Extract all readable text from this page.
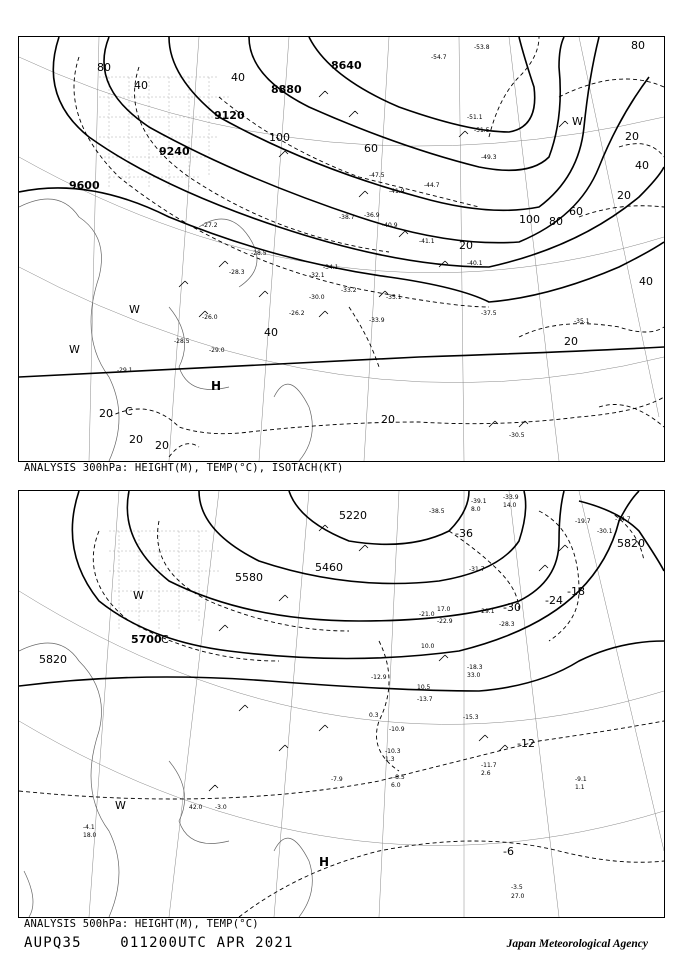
9600
9240
9120
8880
8640
80
40
100
60
40
20
20
80
100
60
20
40
20
20
40
20
80
40
20 20
H
C
W
W
W
-54.7
-53.8
-51.1
-51.5
-49.3
-47.5
-44.7
-41.9
-38.7 -36.9
-40.9
-41.1
-40.1
-34.1
-32.1
-30.0
-29.1
-26.2
-28.3
-33.9
-35.1
-37.5
-30.5
-35.1
-28.5
-29.0
-27.2
-33.2
-26.0
-28.5
ANALYSIS 300hPa: HEIGHT(M), TEMP(°C), ISOTACH(KT)
5220
5460
5580
5700
5820
5820
-36
-30
-24
-18
-12
-6
H
W
W
C
-39.1
-38.5
-31.7
-29.1
-28.3
-22.9
-21.0
-18.3
-15.3
-13.7
-12.9
-10.9
-10.3
-8.5
-7.9
-4.1
-3.5
-9.1
-11.7
-3.0
-14.7
-19.7
-33.9
-30.1
8.0
14.0
17.0
10.0
6.0
2.6
27.0
1.1
18.0
42.0
1.3
33.0
10.5
0.3
ANALYSIS 500hPa: HEIGHT(M), TEMP(°C)
AUPQ35	011200UTC APR 2021	Japan Meteorological Agency
